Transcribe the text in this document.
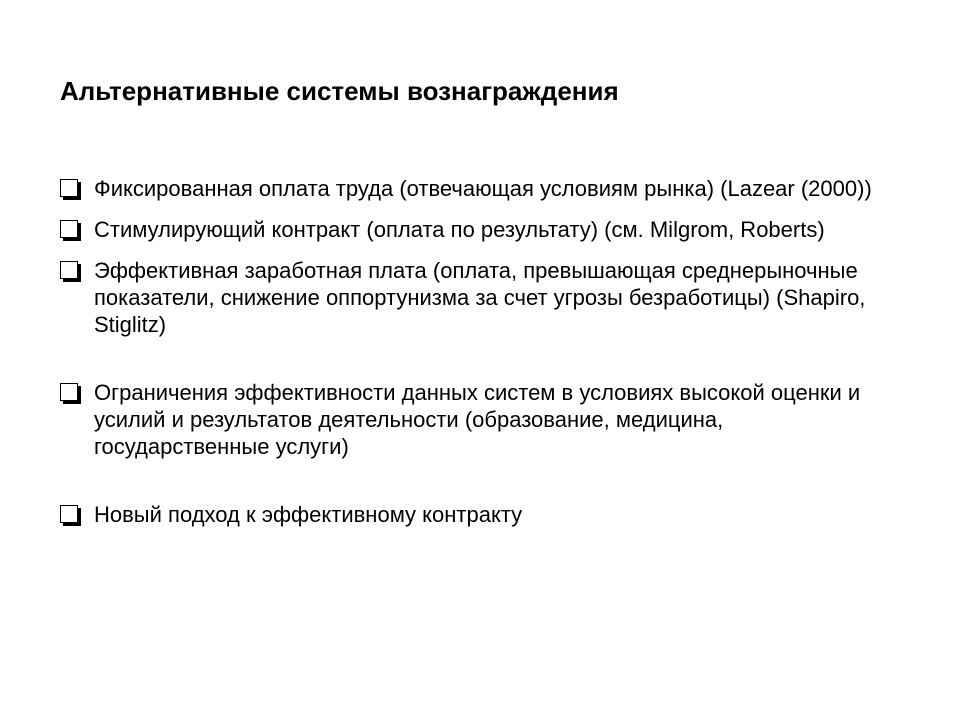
Альтернативные системы вознаграждения
Фиксированная оплата труда (отвечающая условиям рынка) (Lazear (2000))
Стимулирующий контракт (оплата по результату) (см. Milgrom, Roberts)
Эффективная заработная плата (оплата, превышающая среднерыночные показатели, снижение оппортунизма за счет угрозы безработицы) (Shapiro, Stiglitz)
Ограничения эффективности данных систем в условиях высокой оценки и усилий и результатов деятельности (образование, медицина, государственные услуги)
Новый подход к эффективному контракту
